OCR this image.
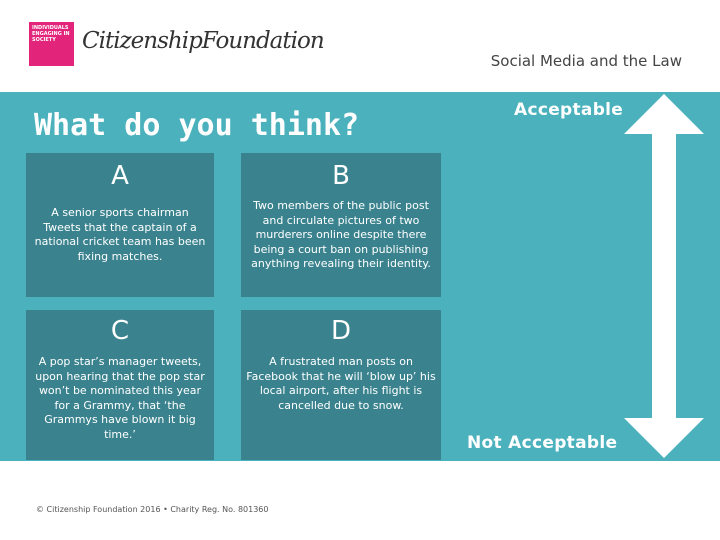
INDIVIDUALS ENGAGING IN SOCIETY	CitizenshipFoundation
Social Media and the Law
What do you think?
A
A senior sports chairman Tweets that the captain of a national cricket team has been fixing matches.
B
Two members of the public post and circulate pictures of two murderers online despite there being a court ban on publishing anything revealing their identity.
C
A pop star’s manager tweets, upon hearing that the pop star won’t be nominated this year for a Grammy, that ‘the Grammys have blown it big time.’
D
A frustrated man posts on Facebook that he will ‘blow up’ his local airport, after his flight is cancelled due to snow.
Acceptable
Not Acceptable
© Citizenship Foundation 2016 • Charity Reg. No. 801360
